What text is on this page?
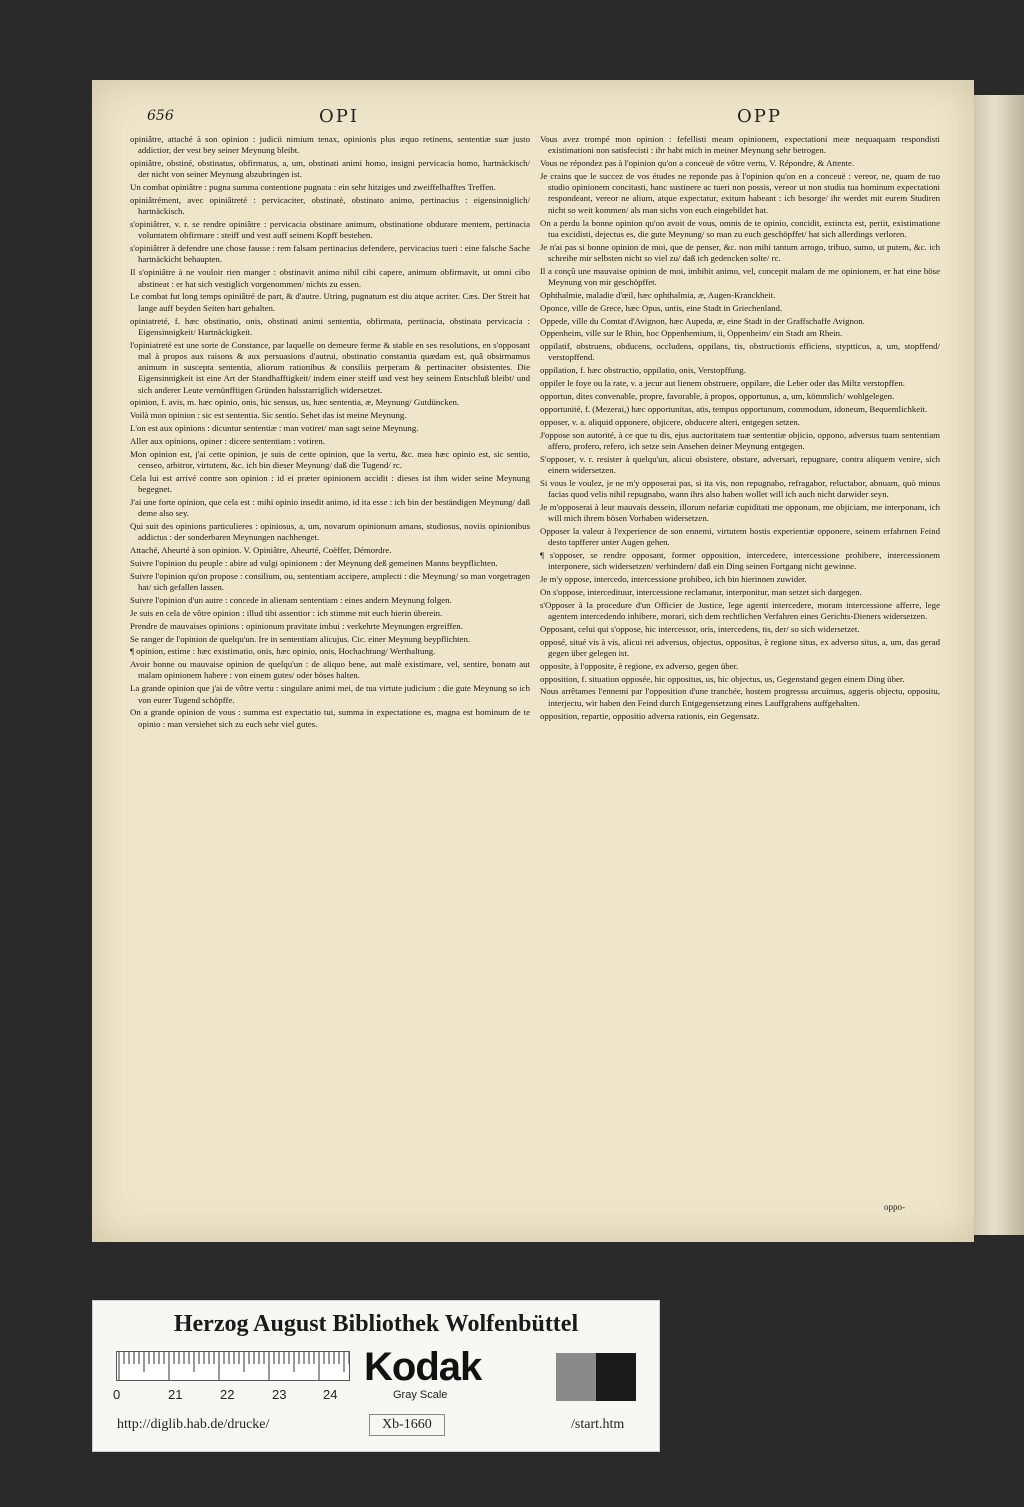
656	OPI	OPP

opiniâtre, attaché à son opinion : judicii nimium tenax, opinionis plus æquo retinens, sententiæ suæ justo addictior, der vest bey seiner Meynung bleibt.

opiniâtre, obstiné, obstinatus, obfirmatus, a, um, obstinati animi homo, insigni pervicacia homo, hartnäckisch/ der nicht von seiner Meynung abzubringen ist.

Un combat opiniâtre : pugna summa contentione pugnata : ein sehr hitziges und zweiffelhafftes Treffen.

opiniâtrément, avec opiniâtreté : pervicaciter, obstinatè, obstinato animo, pertinacius : eigensinniglich/ hartnäckisch.

s'opiniâtrer, v. r. se rendre opiniâtre : pervicacia obstinare animum, obstinatione obdurare mentem, pertinacia voluntatem obfirmare : steiff und vest auff seinem Kopff bestehen.

s'opiniâtrer à defendre une chose fausse : rem falsam pertinacius defendere, pervicacius tueri : eine falsche Sache hartnäckicht behaupten.

Il s'opiniâtre à ne vouloir rien manger : obstinavit animo nihil cibi capere, animum obfirmavit, ut omni cibo abstineat : er hat sich vestiglich vorgenommen/ nichts zu essen.

Le combat fut long temps opiniâtré de part, & d'autre. Utring, pugnatum est diu atque acriter. Cæs. Der Streit hat lange auff beyden Seiten hart gehalten.

opiniatreté, f. hæc obstinatio, onis, obstinati animi sententia, obfirmata, pertinacia, obstinata pervicacia : Eigensinnigkeit/ Hartnäckigkeit.

l'opiniatreté est une sorte de Constance, par laquelle on demeure ferme & stable en ses resolutions, en s'opposant mal à propos aux raisons & aux persuasions d'autrui, obstinatio constantia quædam est, quâ obsirmamus animum in suscepta sententia, aliorum rationibus & consiliis perperam & pertinaciter obsistentes. Die Eigensinnigkeit ist eine Art der Standhafftigkeit/ indem einer steiff und vest bey seinem Entschluß bleibt/ und sich anderer Leute vernünfftigen Gründen halsstarriglich widersetzet.

opinion, f. avis, m. hæc opinio, onis, hic sensus, us, hæc sententia, æ, Meynung/ Gutdüncken.

Voilà mon opinion : sic est sententia. Sic sentio. Sehet das ist meine Meynung.

L'on est aux opinions : dicuntur sententiæ : man votiret/ man sagt seine Meynung.

Aller aux opinions, opiner : dicere sententiam : votiren.

Mon opinion est, j'ai cette opinion, je suis de cette opinion, que la vertu, &c. mea hæc opinio est, sic sentio, censeo, arbitror, virtutem, &c. ich bin dieser Meynung/ daß die Tugend/ rc.

Cela lui est arrivé contre son opinion : id ei præter opinionem accidit : dieses ist ihm wider seine Meynung begegnet.

J'ai une forte opinion, que cela est : mihi opinio insedit animo, id ita esse : ich bin der beständigen Meynung/ daß deme also sey.

Qui suit des opinions particulieres : opiniosus, a, um, novarum opinionum amans, studiosus, noviis opinionibus addictus : der sonderbaren Meynungen nachhenget.

Attaché, Aheurté à son opinion. V. Opiniâtre, Aheurté, Coëffer, Démordre.

Suivre l'opinion du peuple : abire ad vulgi opinionem : der Meynung deß gemeinen Manns beypflichten.

Suivre l'opinion qu'on propose : consilium, ou, sententiam accipere, amplecti : die Meynung/ so man vorgetragen hat/ sich gefallen lassen.

Suivre l'opinion d'un autre : concede in alienam sententiam : eines andern Meynung folgen.

Je suis en cela de vôtre opinion : illud tibi assentior : ich stimme mit euch hierin überein.

Prendre de mauvaises opinions : opinionum pravitate imbui : verkehrte Meynungen ergreiffen.

Se ranger de l'opinion de quelqu'un. Ire in sententiam alicujus. Cic. einer Meynung beypflichten.

¶ opinion, estime : hæc existimatio, onis, hæc opinio, onis, Hochachtung/ Werthaltung.

Avoir bonne ou mauvaise opinion de quelqu'un : de aliquo bene, aut malè existimare, vel, sentire, bonam aut malam opinionem habere : von einem gutes/ oder böses halten.

La grande opinion que j'ai de vôtre vertu : singulare animi mei, de tua virtute judicium : die gute Meynung so ich von eurer Tugend schöpffe.

On a grande opinion de vous : summa est expectatio tui, summa in expectatione es, magna est hominum de te opinio : man versiehet sich zu euch sehr viel gutes.

Vous avez trompé mon opinion : fefellisti meam opinionem, expectationi meæ nequaquam respondisti existimationi non satisfecisti : ihr habt mich in meiner Meynung sehr betrogen.

Vous ne répondez pas à l'opinion qu'on a conceuë de vôtre vertu, V. Répondre, & Attente.

Je crains que le succez de vos études ne reponde pas à l'opinion qu'on en a conceuë : vereor, ne, quam de tuo studio opinionem concitasti, hanc sustinere ac tueri non possis, vereor ut non studia tua hominum expectationi respondeant, vereor ne alium, atque expectatur, exitum habeant : ich besorge/ ihr werdet mit eurem Studiren nicht so weit kommen/ als man sichs von euch eingebildet hat.

On a perdu la bonne opinion qu'on avoit de vous, omnis de te opinio, concidit, extincta est, periit, existimatione tua excidisti, dejectus es, die gute Meynung/ so man zu euch geschöpffet/ hat sich allerdings verloren.

Je n'ai pas si bonne opinion de moi, que de penser, &c. non mihi tantum arrogo, tribuo, sumo, ut putem, &c. ich schreibe mir selbsten nicht so viel zu/ daß ich gedencken solte/ rc.

Il a conçû une mauvaise opinion de moi, imbibit animo, vel, concepit malam de me opinionem, er hat eine böse Meynung von mir geschöpffet.

Ophthalmie, maladie d'œil, hæc ophthalmia, æ, Augen-Kranckheit.

Oponce, ville de Grece, hæc Opus, untis, eine Stadt in Griechenland.

Oppede, ville du Comtat d'Avignon, hæc Aupeda, æ, eine Stadt in der Graffschaffe Avignon.

Oppenheim, ville sur le Rhin, hoc Oppenhemium, ii, Oppenheim/ ein Stadt am Rhein.

oppilatif, obstruens, obducens, occludens, oppilans, tis, obstructionis efficiens, styptticus, a, um, stopffend/ verstopffend.

oppilation, f. hæc obstructio, oppilatio, onis, Verstopffung.

oppiler le foye ou la rate, v. a jecur aut lienem obstruere, oppilare, die Leber oder das Miltz verstopffen.

opportun, dites convenable, propre, favorable, à propos, opportunus, a, um, kömmlich/ wohlgelegen.

opportunité, f. (Mezerai,) hæc opportunitas, atis, tempus opportunum, commodum, idoneum, Bequemlichkeit.

opposer, v. a. aliquid opponere, objicere, obducere alteri, entgegen setzen.

J'oppose son autorité, à ce que tu dis, ejus auctoritatem tuæ sententiæ objicio, oppono, adversus tuam sententiam affero, profero, refero, ich setze sein Ansehen deiner Meynung entgegen.

S'opposer, v. r. resister à quelqu'un, alicui obsistere, obstare, adversari, repugnare, contra aliquem venire, sich einem widersetzen.

Si vous le voulez, je ne m'y opposerai pas, si ita vis, non repugnabo, refragabor, reluctabor, abnuam, quò minus facias quod velis nihil repugnabo, wann ihrs also haben wollet will ich auch nicht darwider seyn.

Je m'opposerai à leur mauvais dessein, illorum nefariæ cupiditati me opponam, me objiciam, me interponam, ich will mich ihrem bösen Vorhaben widersetzen.

Opposer la valeur à l'experience de son ennemi, virtutem hostis experientiæ opponere, seinem erfahrnen Feind desto tapfferer unter Augen gehen.

¶ s'opposer, se rendre opposant, former opposition, intercedere, intercessione prohibere, intercessionem interponere, sich widersetzen/ verhindern/ daß ein Ding seinen Fortgang nicht gewinne.

Je m'y oppose, intercedo, intercessione prohibeo, ich bin hierinnen zuwider.

On s'oppose, intercedituur, intercessione reclamatur, interponitur, man setzet sich dargegen.

s'Opposer à la procedure d'un Officier de Justice, lege agenti intercedere, moram intercessione afferre, lege agentem intercedendo inhibere, morari, sich dem rechtlichen Verfahren eines Gerichts-Dieners widersetzen.

Opposant, celui qui s'oppose, hic intercessor, oris, intercedens, tis, der/ so sich widersetzet.

opposé, situé vis à vis, alicui rei adversus, objectus, oppositus, è regione situs, ex adverso situs, a, um, das gerad gegen über gelegen ist.

opposite, à l'opposite, è regione, ex adverso, gegen über.

opposition, f. situation opposée, hic oppositus, us, hic objectus, us, Gegenstand gegen einem Ding über.

Nous arrêtames l'ennemi par l'opposition d'une tranchée, hostem progressu arcuimus, aggeris objectu, oppositu, interjectu, wir haben den Feind durch Entgegensetzung eines Lauffgrabens auffgehalten.

opposition, repartie, oppositio adversa rationis, ein Gegensatz.

oppo-
Herzog August Bibliothek Wolfenbüttel
0	21	22	23	24
Kodak
Gray Scale
http://diglib.hab.de/drucke/	Xb-1660	/start.htm
